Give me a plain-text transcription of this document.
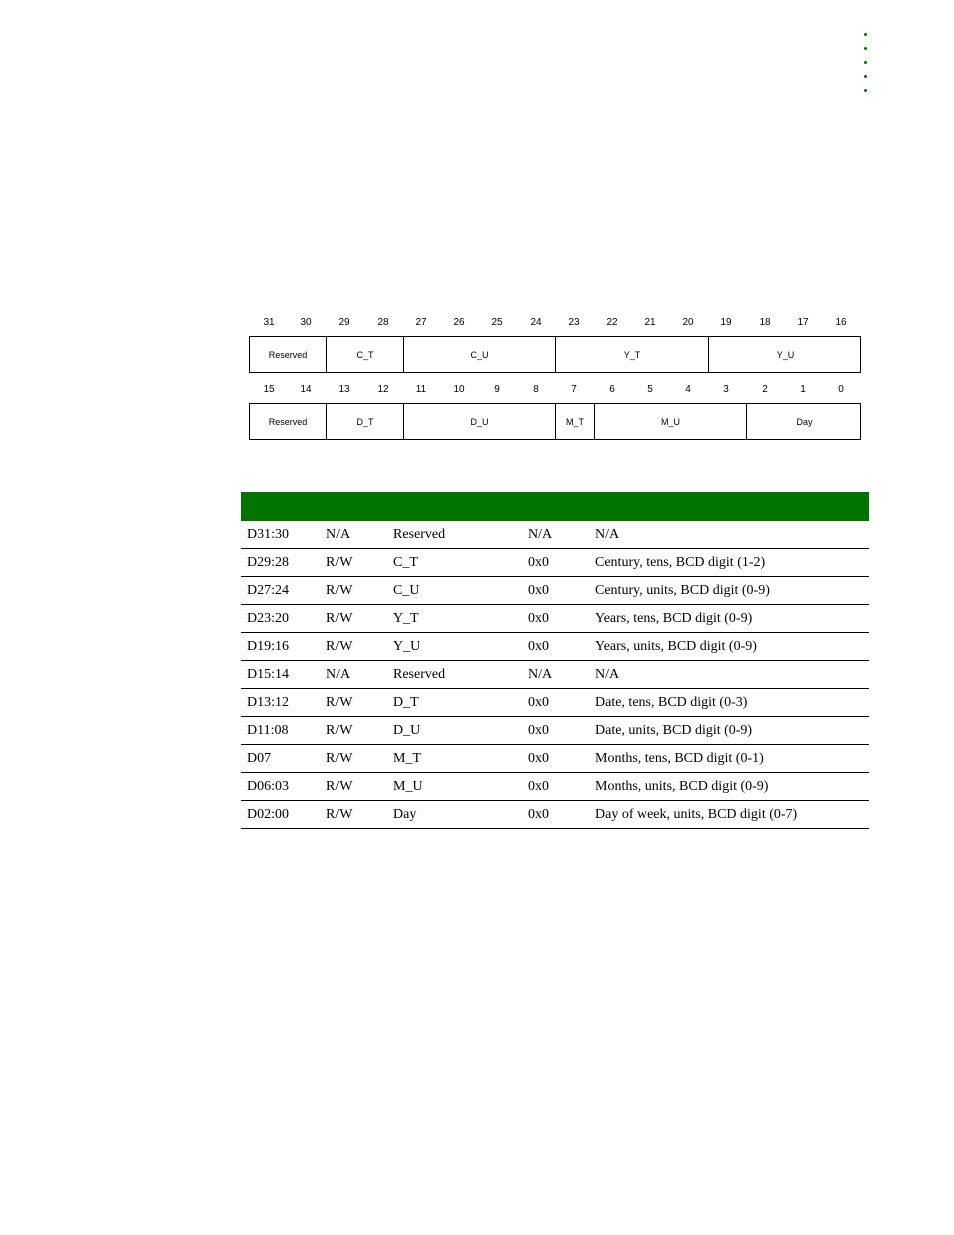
31	30	29	28	27	26	25	24	23	22	21	20	19	18	17	16
Reserved	C_T	C_U	Y_T	Y_U
15	14	13	12	11	10	9	8	7	6	5	4	3	2	1	0
Reserved	D_T	D_U	M_T	M_U	Day

D31:30	N/A	Reserved	N/A	N/A
D29:28	R/W	C_T	0x0	Century, tens, BCD digit (1-2)
D27:24	R/W	C_U	0x0	Century, units, BCD digit (0-9)
D23:20	R/W	Y_T	0x0	Years, tens, BCD digit (0-9)
D19:16	R/W	Y_U	0x0	Years, units, BCD digit (0-9)
D15:14	N/A	Reserved	N/A	N/A
D13:12	R/W	D_T	0x0	Date, tens, BCD digit (0-3)
D11:08	R/W	D_U	0x0	Date, units, BCD digit (0-9)
D07	R/W	M_T	0x0	Months, tens, BCD digit (0-1)
D06:03	R/W	M_U	0x0	Months, units, BCD digit (0-9)
D02:00	R/W	Day	0x0	Day of week, units, BCD digit (0-7)
